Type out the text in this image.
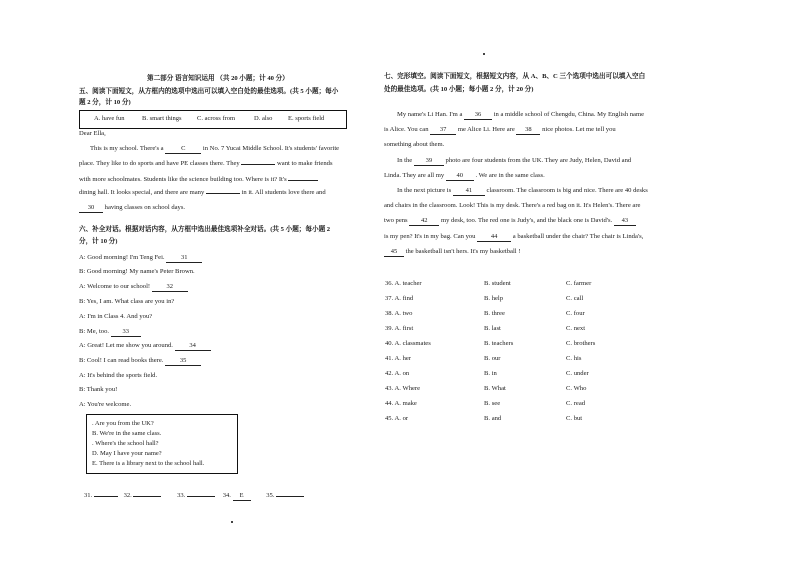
第二部分 语言知识运用 （共 20 小题；计 40 分）
五、阅读下面短文，从方框内的选项中选出可以填入空白处的最佳选项。(共 5 小题；每小
题 2 分，计 10 分)
A. have fun	B. smart things C. across from	D. also E. sports field
Dear Ella,
This is my school. There's a	C	in No. 7 Yucai Middle School. It's students' favorite
place. They like to do sports and have PE classes there. They	want to make friends
with more schoolmates. Students like the science building too. Where is it? It's
dining hall. It looks special, and there are many	in it. All students love there and
30 having classes on school days.
六、补全对话。根据对话内容，从方框中选出最佳选项补全对话。(共 5 小题；每小题 2
分，计 10 分)
A: Good morning! I'm Teng Fei.	31
B: Good morning! My name's Peter Brown.
A: Welcome to our school!	32
B: Yes, I am. What class are you in?
A: I'm in Class 4. And you?
B: Me, too. 33
A: Great! Let me show you around.	34
B: Cool! I can read books there.	35
A: It's behind the sports field.
B: Thank you!
A: You're welcome.
. Are you from the UK?
B. We're in the same class.
. Where's the school hall?
D. May I have your name?
E. There is a library next to the school hall.
31.	32.	33.	34. E	35.
七、完形填空。阅读下面短文，根据短文内容，从 A、B、C 三个选项中选出可以填入空白
处的最佳选项。(共 10 小题；每小题 2 分，计 20 分)
My name's Li Han. I'm a 36 in a middle school of Chengdu, China. My English name
is Alice. You can 37 me Alice Li. Here are 38 nice photos. Let me tell you
something about them.
In the 39 photo are four students from the UK. They are Judy, Helen, David and
Linda. They are all my 40 . We are in the same class.
In the next picture is 41 classroom. The classroom is big and nice. There are 40 desks
and chairs in the classroom. Look! This is my desk. There's a red bag on it. It's Helen's. There are
two pens 42 my desk, too. The red one is Judy's, and the black one is David's. 43
is my pen? It's in my bag. Can you 44 a basketball under the chair? The chair is Linda's,
45 the basketball isn't hers. It's my basketball !
36. A. teacher	B. student	C. farmer
37. A. find	B. help	C. call
38. A. two	B. three	C. four
39. A. first	B. last	C. next
40. A. classmates	B. teachers	C. brothers
41. A. her	B. our	C. his
42. A. on	B. in	C. under
43. A. Where	B. What	C. Who
44. A. make	B. see	C. read
45. A. or	B. and	C. but
